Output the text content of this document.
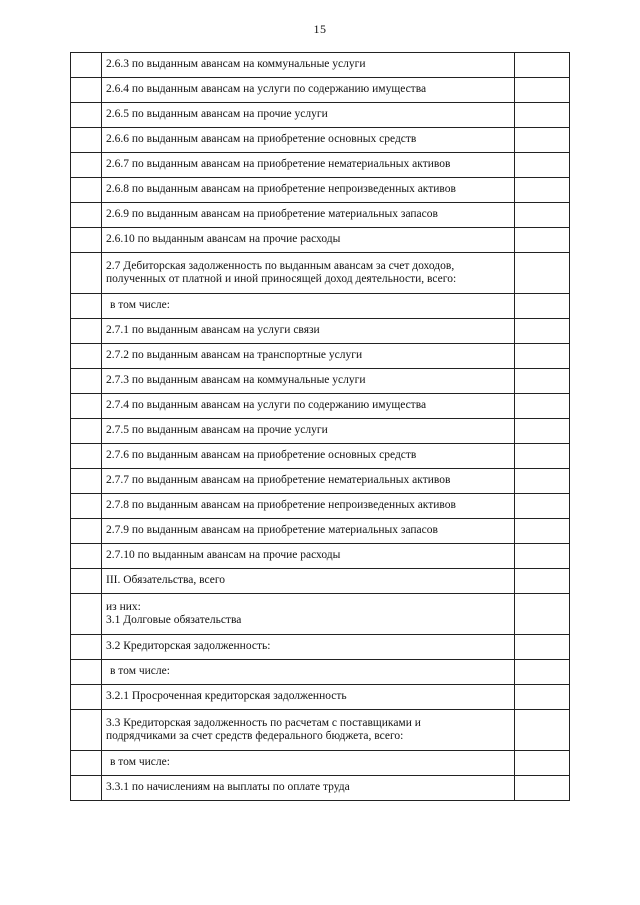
15

	2.6.3 по выданным авансам на коммунальные услуги	

	2.6.4 по выданным авансам на услуги по содержанию имущества	

	2.6.5 по выданным авансам на прочие услуги	

	2.6.6 по выданным авансам на приобретение основных средств	

	2.6.7 по выданным авансам на приобретение нематериальных активов	

	2.6.8 по выданным авансам на приобретение непроизведенных активов	

	2.6.9 по выданным авансам на приобретение материальных запасов	

	2.6.10 по выданным авансам на прочие расходы	

	2.7 Дебиторская задолженность по выданным авансам за счет доходов,
полученных от платной и иной приносящей доход деятельности, всего:	

	в том числе:	

	2.7.1 по выданным авансам на услуги связи	

	2.7.2 по выданным авансам на транспортные услуги	

	2.7.3 по выданным авансам на коммунальные услуги	

	2.7.4 по выданным авансам на услуги по содержанию имущества	

	2.7.5 по выданным авансам на прочие услуги	

	2.7.6 по выданным авансам на приобретение основных средств	

	2.7.7 по выданным авансам на приобретение нематериальных активов	

	2.7.8 по выданным авансам на приобретение непроизведенных активов	

	2.7.9 по выданным авансам на приобретение материальных запасов	

	2.7.10 по выданным авансам на прочие расходы	

	III. Обязательства, всего	

	из них:
3.1 Долговые обязательства	

	3.2 Кредиторская задолженность:	

	в том числе:	

	3.2.1 Просроченная кредиторская задолженность	

	3.3 Кредиторская задолженность по расчетам с поставщиками и
подрядчиками за счет средств федерального бюджета, всего:	

	в том числе:	

	3.3.1 по начислениям на выплаты по оплате труда	
